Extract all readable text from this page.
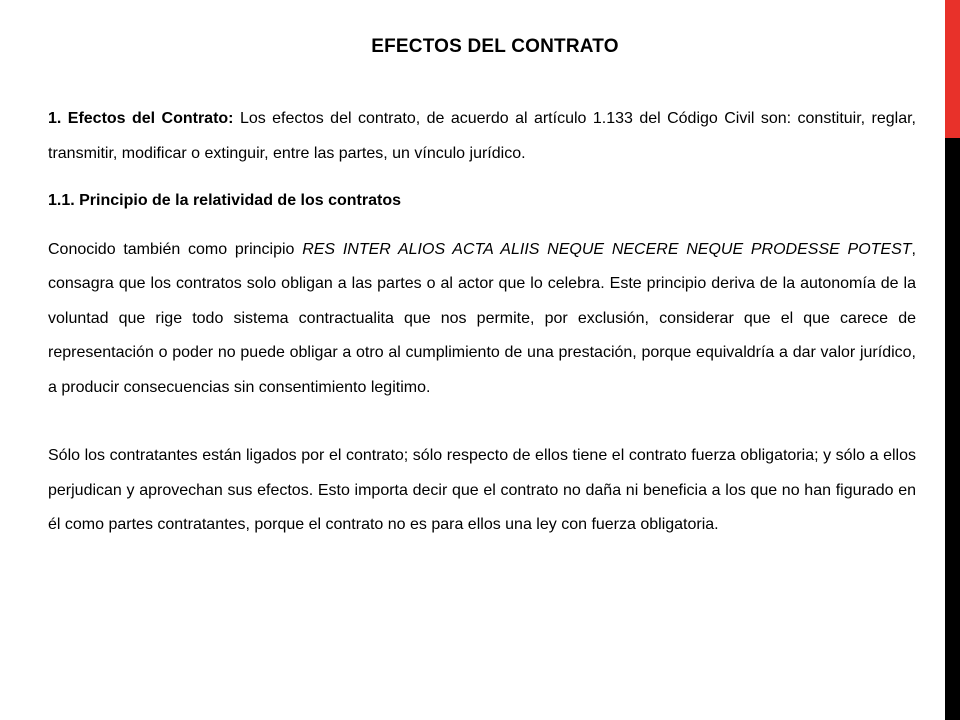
EFECTOS DEL CONTRATO

1. Efectos del Contrato: Los efectos del contrato, de acuerdo al artículo 1.133 del Código Civil son: constituir, reglar, transmitir, modificar o extinguir, entre las partes, un vínculo jurídico.

1.1. Principio de la relatividad de los contratos

Conocido también como principio RES INTER ALIOS ACTA ALIIS NEQUE NECERE NEQUE PRODESSE POTEST, consagra que los contratos solo obligan a las partes o al actor que lo celebra. Este principio deriva de la autonomía de la voluntad que rige todo sistema contractualita que nos permite, por exclusión, considerar que el que carece de representación o poder no puede obligar a otro al cumplimiento de una prestación, porque equivaldría a dar valor jurídico, a producir consecuencias sin consentimiento legitimo.

Sólo los contratantes están ligados por el contrato; sólo respecto de ellos tiene el contrato fuerza obligatoria; y sólo a ellos perjudican y aprovechan sus efectos. Esto importa decir que el contrato no daña ni beneficia a los que no han figurado en él como partes contratantes, porque el contrato no es para ellos una ley con fuerza obligatoria.
